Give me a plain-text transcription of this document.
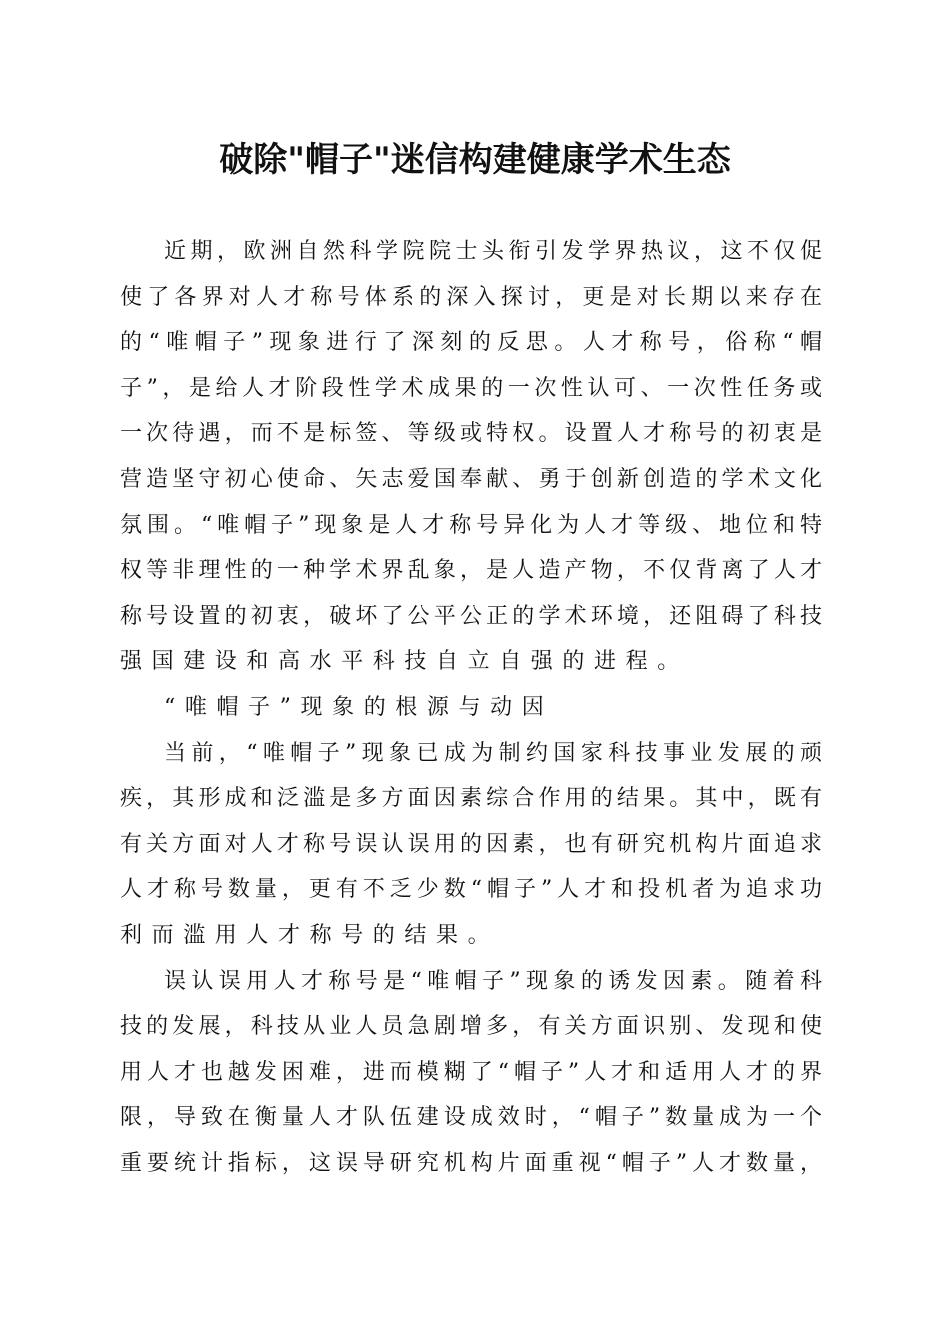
破除"帽子"迷信构建健康学术生态
近期，欧洲自然科学院院士头衔引发学界热议，这不仅促
使了各界对人才称号体系的深入探讨，更是对长期以来存在
的“唯帽子”现象进行了深刻的反思。人才称号，俗称“帽
子”，是给人才阶段性学术成果的一次性认可、一次性任务或
一次待遇，而不是标签、等级或特权。设置人才称号的初衷是
营造坚守初心使命、矢志爱国奉献、勇于创新创造的学术文化
氛围。“唯帽子”现象是人才称号异化为人才等级、地位和特
权等非理性的一种学术界乱象，是人造产物，不仅背离了人才
称号设置的初衷，破坏了公平公正的学术环境，还阻碍了科技
强国建设和高水平科技自立自强的进程。
“唯帽子”现象的根源与动因
当前，“唯帽子”现象已成为制约国家科技事业发展的顽
疾，其形成和泛滥是多方面因素综合作用的结果。其中，既有
有关方面对人才称号误认误用的因素，也有研究机构片面追求
人才称号数量，更有不乏少数“帽子”人才和投机者为追求功
利而滥用人才称号的结果。
误认误用人才称号是“唯帽子”现象的诱发因素。随着科
技的发展，科技从业人员急剧增多，有关方面识别、发现和使
用人才也越发困难，进而模糊了“帽子”人才和适用人才的界
限，导致在衡量人才队伍建设成效时，“帽子”数量成为一个
重要统计指标，这误导研究机构片面重视“帽子”人才数量，
